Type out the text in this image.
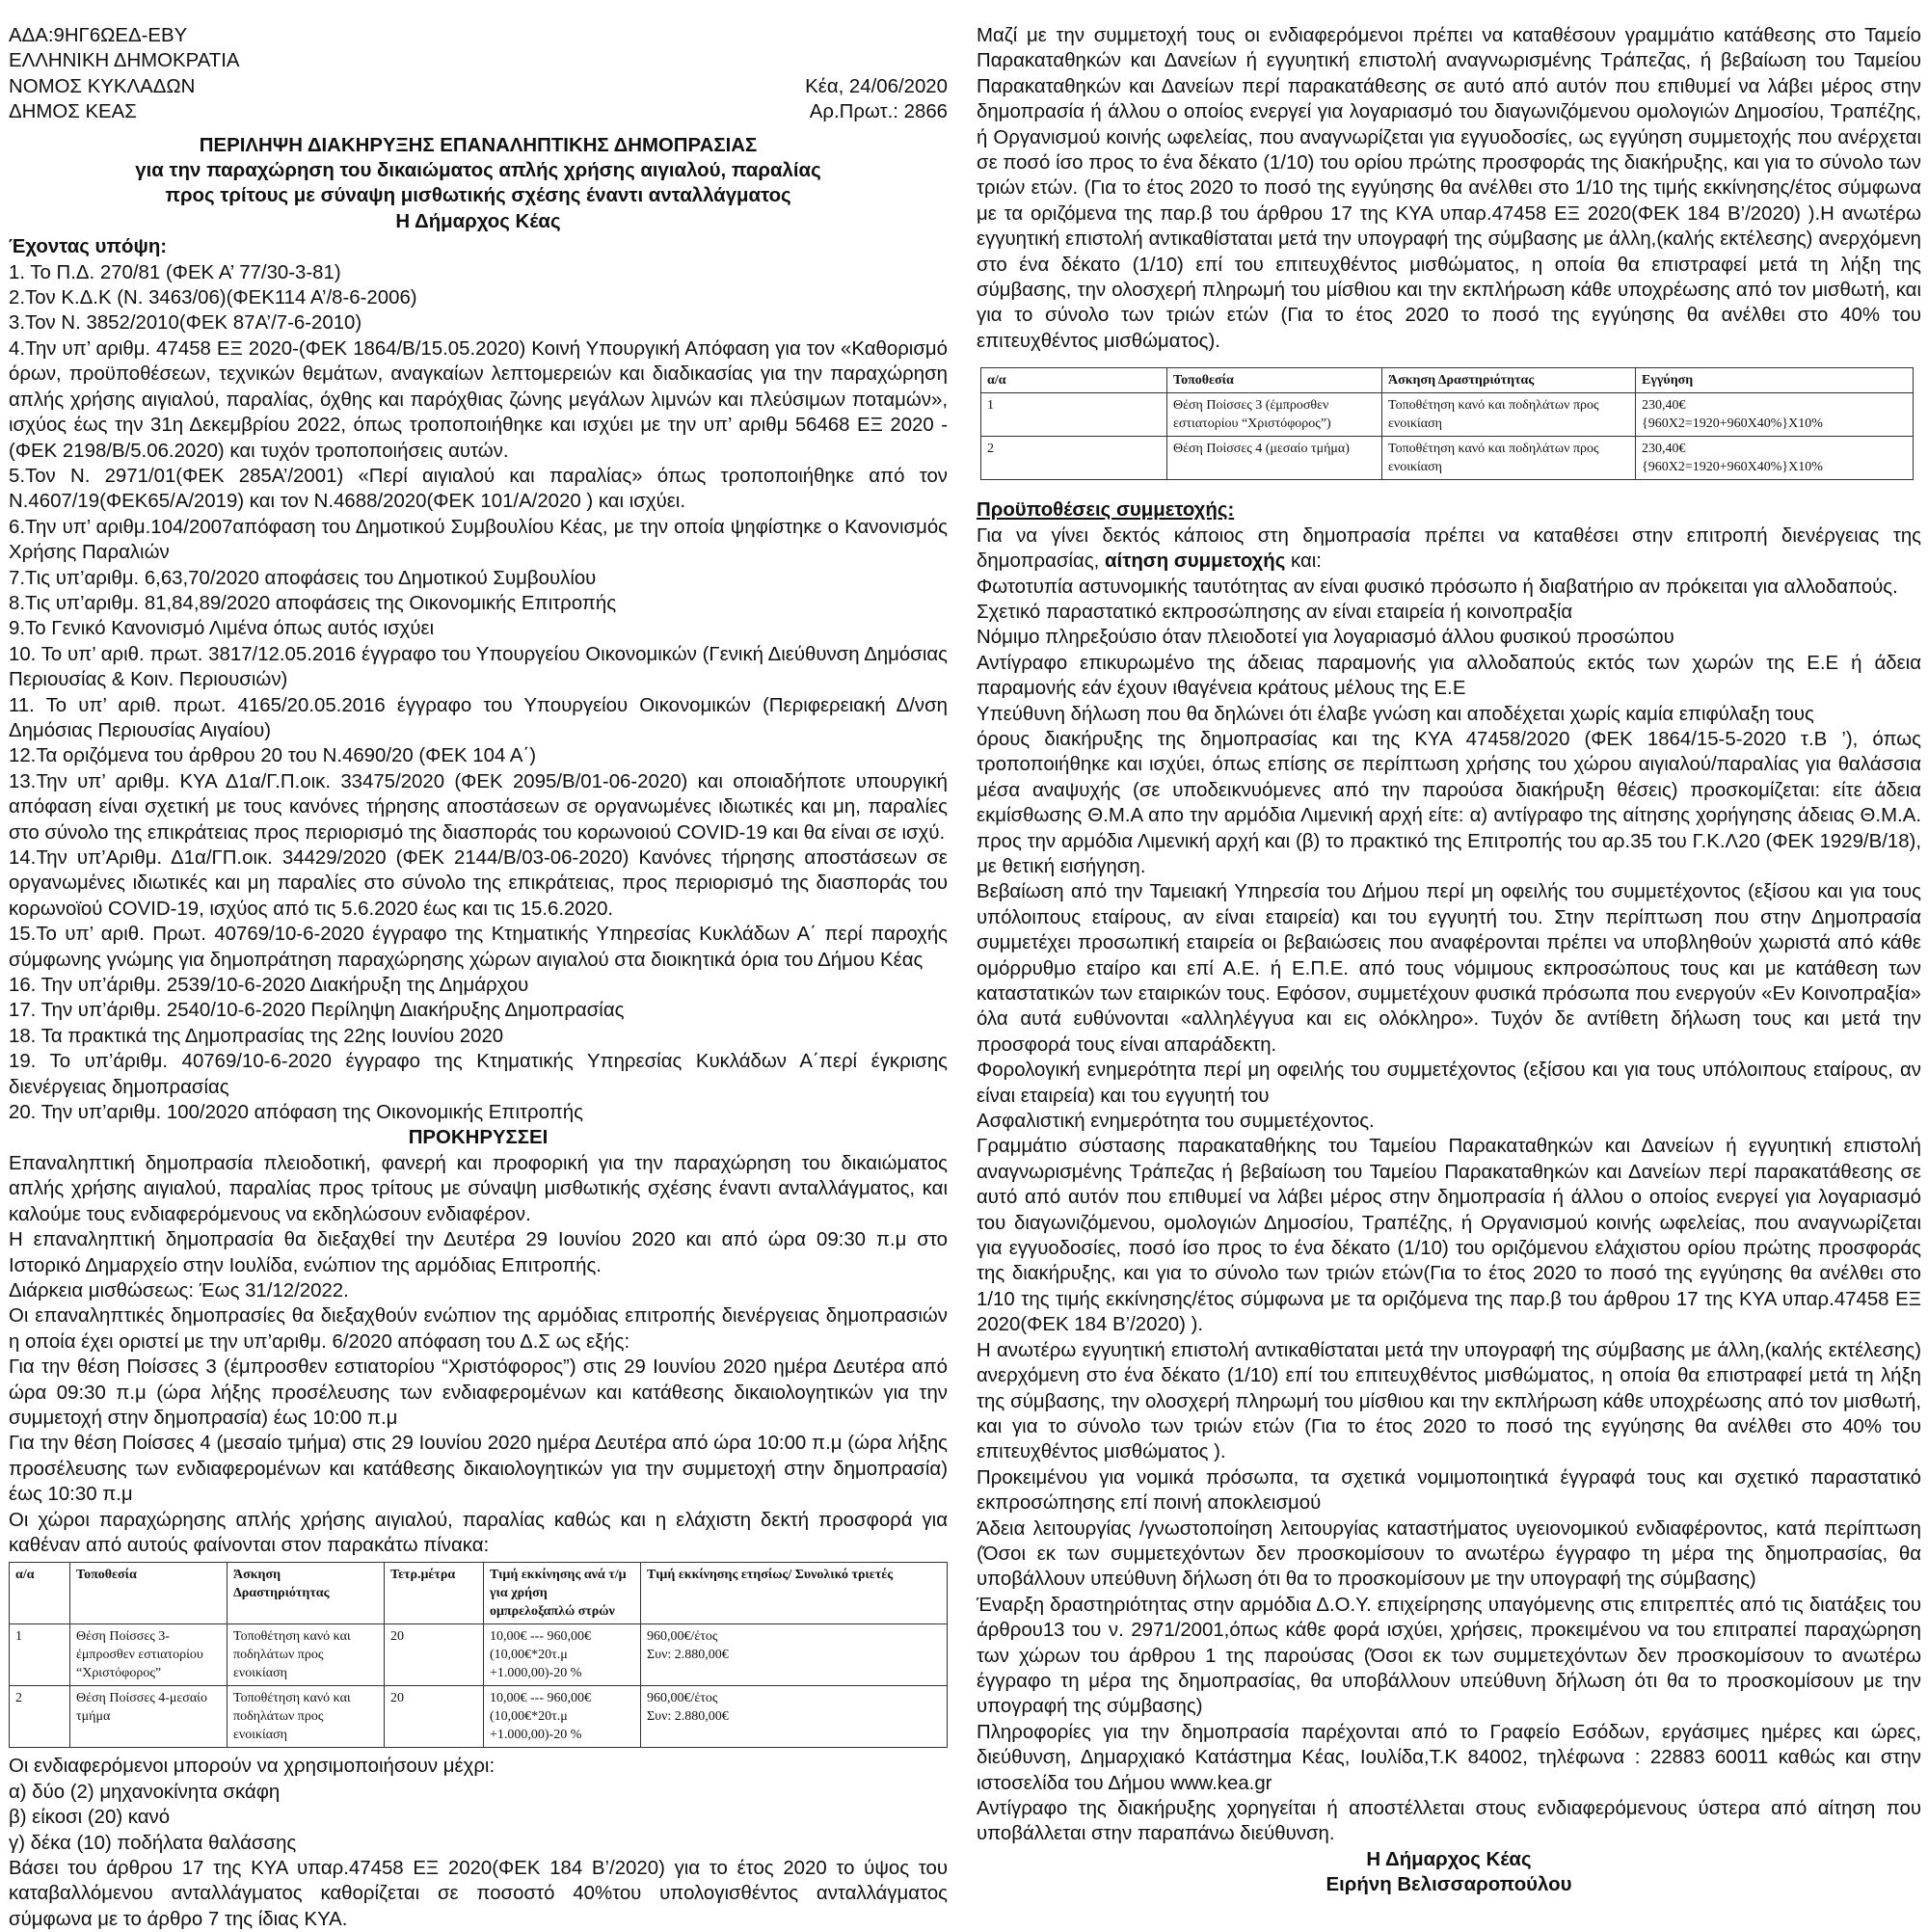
ΑΔΑ:9ΗΓ6ΩΕΔ-ΕΒΥ

ΕΛΛΗΝΙΚΗ ΔΗΜΟΚΡΑΤΙΑ

ΝΟΜΟΣ ΚΥΚΛΑΔΩΝ	Κέα, 24/06/2020

ΔΗΜΟΣ ΚΕΑΣ	Αρ.Πρωτ.: 2866

ΠΕΡΙΛΗΨΗ ΔΙΑΚΗΡΥΞΗΣ ΕΠΑΝΑΛΗΠΤΙΚΗΣ ΔΗΜΟΠΡΑΣΙΑΣ

για την παραχώρηση του δικαιώματος απλής χρήσης αιγιαλού, παραλίας

προς τρίτους με σύναψη μισθωτικής σχέσης έναντι ανταλλάγματος

Η Δήμαρχος Κέας

Έχοντας υπόψη:

1. Το Π.Δ. 270/81 (ΦΕΚ Α’ 77/30-3-81)

2.Τον Κ.Δ.Κ (Ν. 3463/06)(ΦΕΚ114 Α’/8-6-2006)

3.Τον Ν. 3852/2010(ΦΕΚ 87Α’/7-6-2010)

4.Την υπ’ αριθμ. 47458 ΕΞ 2020-(ΦΕΚ 1864/Β/15.05.2020) Κοινή Υπουργική Απόφαση για τον «Καθορισμό όρων, προϋποθέσεων, τεχνικών θεμάτων, αναγκαίων λεπτομερειών και διαδικασίας για την παραχώρηση απλής χρήσης αιγιαλού, παραλίας, όχθης και παρόχθιας ζώνης μεγάλων λιμνών και πλεύσιμων ποταμών», ισχύος έως την 31η Δεκεμβρίου 2022, όπως τροποποιήθηκε και ισχύει με την υπ’ αριθμ 56468 ΕΞ 2020 -(ΦΕΚ 2198/Β/5.06.2020) και τυχόν τροποποιήσεις αυτών.

5.Τον Ν. 2971/01(ΦΕΚ 285Α’/2001) «Περί αιγιαλού και παραλίας» όπως τροποποιήθηκε από τον Ν.4607/19(ΦΕΚ65/Α/2019) και τον Ν.4688/2020(ΦΕΚ 101/Α/2020 ) και ισχύει.

6.Την υπ’ αριθμ.104/2007απόφαση του Δημοτικού Συμβουλίου Κέας, με την οποία ψηφίστηκε ο Κανονισμός Χρήσης Παραλιών

7.Τις υπ’αριθμ. 6,63,70/2020 αποφάσεις του Δημοτικού Συμβουλίου

8.Τις υπ’αριθμ. 81,84,89/2020 αποφάσεις της Οικονομικής Επιτροπής

9.Το Γενικό Κανονισμό Λιμένα όπως αυτός ισχύει

10. Το υπ’ αριθ. πρωτ. 3817/12.05.2016 έγγραφο του Υπουργείου Οικονομικών (Γενική Διεύθυνση Δημόσιας Περιουσίας & Κοιν. Περιουσιών)

11. Το υπ’ αριθ. πρωτ. 4165/20.05.2016 έγγραφο του Υπουργείου Οικονομικών (Περιφερειακή Δ/νση Δημόσιας Περιουσίας Αιγαίου)

12.Τα οριζόμενα του άρθρου 20 του Ν.4690/20 (ΦΕΚ 104 Α΄)

13.Την υπ’ αριθμ. ΚΥΑ Δ1α/Γ.Π.οικ. 33475/2020 (ΦΕΚ 2095/Β/01-06-2020) και οποιαδήποτε υπουργική απόφαση είναι σχετική με τους κανόνες τήρησης αποστάσεων σε οργανωμένες ιδιωτικές και μη, παραλίες στο σύνολο της επικράτειας προς περιορισμό της διασποράς του κορωνοιού COVID-19 και θα είναι σε ισχύ.

14.Την υπ’Αριθμ. Δ1α/ΓΠ.οικ. 34429/2020 (ΦΕΚ 2144/Β/03-06-2020) Κανόνες τήρησης αποστάσεων σε οργανωμένες ιδιωτικές και μη παραλίες στο σύνολο της επικράτειας, προς περιορισμό της διασποράς του κορωνοϊού COVID-19, ισχύος από τις 5.6.2020 έως και τις 15.6.2020.

15.Το υπ’ αριθ. Πρωτ. 40769/10-6-2020 έγγραφο της Κτηματικής Υπηρεσίας Κυκλάδων Α΄ περί παροχής σύμφωνης γνώμης για δημοπράτηση παραχώρησης χώρων αιγιαλού στα διοικητικά όρια του Δήμου Κέας

16. Την υπ’άριθμ. 2539/10-6-2020 Διακήρυξη της Δημάρχου

17. Την υπ’άριθμ. 2540/10-6-2020 Περίληψη Διακήρυξης Δημοπρασίας

18. Τα πρακτικά της Δημοπρασίας της 22ης Ιουνίου 2020

19. Το υπ’άριθμ. 40769/10-6-2020 έγγραφο της Κτηματικής Υπηρεσίας Κυκλάδων Α΄περί έγκρισης διενέργειας δημοπρασίας

20. Την υπ’αριθμ. 100/2020 απόφαση της Οικονομικής Επιτροπής

ΠΡΟΚΗΡΥΣΣΕΙ

Επαναληπτική δημοπρασία πλειοδοτική, φανερή και προφορική για την παραχώρηση του δικαιώματος απλής χρήσης αιγιαλού, παραλίας προς τρίτους με σύναψη μισθωτικής σχέσης έναντι ανταλλάγματος, και καλούμε τους ενδιαφερόμενους να εκδηλώσουν ενδιαφέρον.

Η επαναληπτική δημοπρασία θα διεξαχθεί την Δευτέρα 29 Ιουνίου 2020 και από ώρα 09:30 π.μ στο Ιστορικό Δημαρχείο στην Ιουλίδα, ενώπιον της αρμόδιας Επιτροπής.

Διάρκεια μισθώσεως: Έως 31/12/2022.

Οι επαναληπτικές δημοπρασίες θα διεξαχθούν ενώπιον της αρμόδιας επιτροπής διενέργειας δημοπρασιών η οποία έχει οριστεί με την υπ’αριθμ. 6/2020 απόφαση του Δ.Σ ως εξής:

Για την θέση Ποίσσες 3 (έμπροσθεν εστιατορίου “Χριστόφορος”) στις 29 Ιουνίου 2020 ημέρα Δευτέρα από ώρα 09:30 π.μ (ώρα λήξης προσέλευσης των ενδιαφερομένων και κατάθεσης δικαιολογητικών για την συμμετοχή στην δημοπρασία) έως 10:00 π.μ

Για την θέση Ποίσσες 4 (μεσαίο τμήμα) στις 29 Ιουνίου 2020 ημέρα Δευτέρα από ώρα 10:00 π.μ (ώρα λήξης προσέλευσης των ενδιαφερομένων και κατάθεσης δικαιολογητικών για την συμμετοχή στην δημοπρασία) έως 10:30 π.μ

Οι χώροι παραχώρησης απλής χρήσης αιγιαλού, παραλίας καθώς και η ελάχιστη δεκτή προσφορά για καθέναν από αυτούς φαίνονται στον παρακάτω πίνακα:

α/α	Τοποθεσία	Άσκηση Δραστηριότητας	Τετρ.μέτρα	Τιμή εκκίνησης ανά τ/μ για χρήση ομπρελοξαπλώ στρών	Τιμή εκκίνησης ετησίως/ Συνολικό τριετές
1	Θέση Ποίσσες 3- έμπροσθεν εστιατορίου “Χριστόφορος”	Τοποθέτηση κανό και ποδηλάτων προς ενοικίαση	20	10,00€ --- 960,00€ (10,00€*20τ.μ +1.000,00)-20 %	960,00€/έτος
Συν: 2.880,00€

2	Θέση Ποίσσες 4-μεσαίο τμήμα	Τοποθέτηση κανό και ποδηλάτων προς ενοικίαση	20	10,00€ --- 960,00€ (10,00€*20τ.μ +1.000,00)-20 %	960,00€/έτος
Συν: 2.880,00€

Οι ενδιαφερόμενοι μπορούν να χρησιμοποιήσουν μέχρι:

α) δύο (2) μηχανοκίνητα σκάφη

β) είκοσι (20) κανό

γ) δέκα (10) ποδήλατα θαλάσσης

Βάσει του άρθρου 17 της ΚΥΑ υπαρ.47458 ΕΞ 2020(ΦΕΚ 184 Β’/2020) για το έτος 2020 το ύψος του καταβαλλόμενου ανταλλάγματος καθορίζεται σε ποσοστό 40%του υπολογισθέντος ανταλλάγματος σύμφωνα με το άρθρο 7 της ίδιας ΚΥΑ.

Μαζί με την συμμετοχή τους οι ενδιαφερόμενοι πρέπει να καταθέσουν γραμμάτιο κατάθεσης στο Ταμείο Παρακαταθηκών και Δανείων ή εγγυητική επιστολή αναγνωρισμένης Τράπεζας, ή βεβαίωση του Ταμείου Παρακαταθηκών και Δανείων περί παρακατάθεσης σε αυτό από αυτόν που επιθυμεί να λάβει μέρος στην δημοπρασία ή άλλου ο οποίος ενεργεί για λογαριασμό του διαγωνιζόμενου ομολογιών Δημοσίου, Τραπέζης, ή Οργανισμού κοινής ωφελείας, που αναγνωρίζεται για εγγυοδοσίες, ως εγγύηση συμμετοχής που ανέρχεται σε ποσό ίσο προς το ένα δέκατο (1/10) του ορίου πρώτης προσφοράς της διακήρυξης, και για το σύνολο των τριών ετών. (Για το έτος 2020 το ποσό της εγγύησης θα ανέλθει στο 1/10 της τιμής εκκίνησης/έτος σύμφωνα με τα οριζόμενα της παρ.β του άρθρου 17 της ΚΥΑ υπαρ.47458 ΕΞ 2020(ΦΕΚ 184 Β’/2020) ).Η ανωτέρω εγγυητική επιστολή αντικαθίσταται μετά την υπογραφή της σύμβασης με άλλη,(καλής εκτέλεσης) ανερχόμενη στο ένα δέκατο (1/10) επί του επιτευχθέντος μισθώματος, η οποία θα επιστραφεί μετά τη λήξη της σύμβασης, την ολοσχερή πληρωμή του μίσθιου και την εκπλήρωση κάθε υποχρέωσης από τον μισθωτή, και για το σύνολο των τριών ετών (Για το έτος 2020 το ποσό της εγγύησης θα ανέλθει στο 40% του επιτευχθέντος μισθώματος).

α/α	Τοποθεσία	Άσκηση Δραστηριότητας	Εγγύηση
1	Θέση Ποίσσες 3 (έμπροσθεν εστιατορίου “Χριστόφορος”)	Τοποθέτηση κανό και ποδηλάτων προς ενοικίαση	230,40€
{960Χ2=1920+960Χ40%}Χ10%

2	Θέση Ποίσσες 4 (μεσαίο τμήμα)	Τοποθέτηση κανό και ποδηλάτων προς ενοικίαση	230,40€
{960Χ2=1920+960Χ40%}Χ10%

Προϋποθέσεις συμμετοχής:

Για να γίνει δεκτός κάποιος στη δημοπρασία πρέπει να καταθέσει στην επιτροπή διενέργειας της δημοπρασίας, αίτηση συμμετοχής και:

Φωτοτυπία αστυνομικής ταυτότητας αν είναι φυσικό πρόσωπο ή διαβατήριο αν πρόκειται για αλλοδαπούς.

Σχετικό παραστατικό εκπροσώπησης αν είναι εταιρεία ή κοινοπραξία

Νόμιμο πληρεξούσιο όταν πλειοδοτεί για λογαριασμό άλλου φυσικού προσώπου

Αντίγραφο επικυρωμένο της άδειας παραμονής για αλλοδαπούς εκτός των χωρών της Ε.Ε ή άδεια παραμονής εάν έχουν ιθαγένεια κράτους μέλους της Ε.Ε

Υπεύθυνη δήλωση που θα δηλώνει ότι έλαβε γνώση και αποδέχεται χωρίς καμία επιφύλαξη τους

όρους διακήρυξης της δημοπρασίας και της ΚΥΑ 47458/2020 (ΦΕΚ 1864/15-5-2020 τ.Β ’), όπως τροποποιήθηκε και ισχύει, όπως επίσης σε περίπτωση χρήσης του χώρου αιγιαλού/παραλίας για θαλάσσια μέσα αναψυχής (σε υποδεικνυόμενες από την παρούσα διακήρυξη θέσεις) προσκομίζεται: είτε άδεια εκμίσθωσης Θ.Μ.Α απο την αρμόδια Λιμενική αρχή είτε: α) αντίγραφο της αίτησης χορήγησης άδειας Θ.Μ.Α. προς την αρμόδια Λιμενική αρχή και (β) το πρακτικό της Επιτροπής του αρ.35 του Γ.Κ.Λ20 (ΦΕΚ 1929/Β/18), με θετική εισήγηση.

Βεβαίωση από την Ταμειακή Υπηρεσία του Δήμου περί μη οφειλής του συμμετέχοντος (εξίσου και για τους υπόλοιπους εταίρους, αν είναι εταιρεία) και του εγγυητή του. Στην περίπτωση που στην Δημοπρασία συμμετέχει προσωπική εταιρεία οι βεβαιώσεις που αναφέρονται πρέπει να υποβληθούν χωριστά από κάθε ομόρρυθμο εταίρο και επί Α.Ε. ή Ε.Π.Ε. από τους νόμιμους εκπροσώπους τους και με κατάθεση των καταστατικών των εταιρικών τους. Εφόσον, συμμετέχουν φυσικά πρόσωπα που ενεργούν «Εν Κοινοπραξία» όλα αυτά ευθύνονται «αλληλέγγυα και εις ολόκληρο». Τυχόν δε αντίθετη δήλωση τους και μετά την προσφορά τους είναι απαράδεκτη.

Φορολογική ενημερότητα περί μη οφειλής του συμμετέχοντος (εξίσου και για τους υπόλοιπους εταίρους, αν είναι εταιρεία) και του εγγυητή του

Ασφαλιστική ενημερότητα του συμμετέχοντος.

Γραμμάτιο σύστασης παρακαταθήκης του Ταμείου Παρακαταθηκών και Δανείων ή εγγυητική επιστολή αναγνωρισμένης Τράπεζας ή βεβαίωση του Ταμείου Παρακαταθηκών και Δανείων περί παρακατάθεσης σε αυτό από αυτόν που επιθυμεί να λάβει μέρος στην δημοπρασία ή άλλου ο οποίος ενεργεί για λογαριασμό του διαγωνιζόμενου, ομολογιών Δημοσίου, Τραπέζης, ή Οργανισμού κοινής ωφελείας, που αναγνωρίζεται για εγγυοδοσίες, ποσό ίσο προς το ένα δέκατο (1/10) του οριζόμενου ελάχιστου ορίου πρώτης προσφοράς της διακήρυξης, και για το σύνολο των τριών ετών(Για το έτος 2020 το ποσό της εγγύησης θα ανέλθει στο 1/10 της τιμής εκκίνησης/έτος σύμφωνα με τα οριζόμενα της παρ.β του άρθρου 17 της ΚΥΑ υπαρ.47458 ΕΞ 2020(ΦΕΚ 184 Β’/2020) ).

Η ανωτέρω εγγυητική επιστολή αντικαθίσταται μετά την υπογραφή της σύμβασης με άλλη,(καλής εκτέλεσης) ανερχόμενη στο ένα δέκατο (1/10) επί του επιτευχθέντος μισθώματος, η οποία θα επιστραφεί μετά τη λήξη της σύμβασης, την ολοσχερή πληρωμή του μίσθιου και την εκπλήρωση κάθε υποχρέωσης από τον μισθωτή, και για το σύνολο των τριών ετών (Για το έτος 2020 το ποσό της εγγύησης θα ανέλθει στο 40% του επιτευχθέντος μισθώματος ).

Προκειμένου για νομικά πρόσωπα, τα σχετικά νομιμοποιητικά έγγραφά τους και σχετικό παραστατικό εκπροσώπησης επί ποινή αποκλεισμού

Άδεια λειτουργίας /γνωστοποίηση λειτουργίας καταστήματος υγειονομικού ενδιαφέροντος, κατά περίπτωση (Όσοι εκ των συμμετεχόντων δεν προσκομίσουν το ανωτέρω έγγραφο τη μέρα της δημοπρασίας, θα υποβάλλουν υπεύθυνη δήλωση ότι θα το προσκομίσουν με την υπογραφή της σύμβασης)

Έναρξη δραστηριότητας στην αρμόδια Δ.Ο.Υ. επιχείρησης υπαγόμενης στις επιτρεπτές από τις διατάξεις του άρθρου13 του ν. 2971/2001,όπως κάθε φορά ισχύει, χρήσεις, προκειμένου να του επιτραπεί παραχώρηση των χώρων του άρθρου 1 της παρούσας (Όσοι εκ των συμμετεχόντων δεν προσκομίσουν το ανωτέρω έγγραφο τη μέρα της δημοπρασίας, θα υποβάλλουν υπεύθυνη δήλωση ότι θα το προσκομίσουν με την υπογραφή της σύμβασης)

Πληροφορίες για την δημοπρασία παρέχονται από το Γραφείο Εσόδων, εργάσιμες ημέρες και ώρες, διεύθυνση, Δημαρχιακό Κατάστημα Κέας, Ιουλίδα,Τ.Κ 84002, τηλέφωνα : 22883 60011 καθώς και στην ιστοσελίδα του Δήμου www.kea.gr

Αντίγραφο της διακήρυξης χορηγείται ή αποστέλλεται στους ενδιαφερόμενους ύστερα από αίτηση που υποβάλλεται στην παραπάνω διεύθυνση.

Η Δήμαρχος Κέας

Ειρήνη Βελισσαροπούλου
